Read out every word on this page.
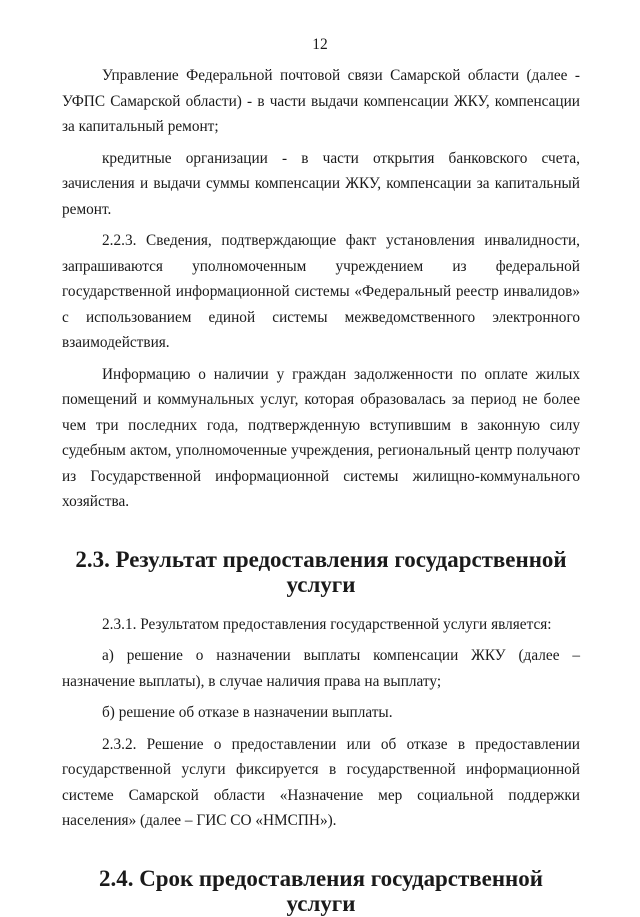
12

Управление Федеральной почтовой связи Самарской области (далее - УФПС Самарской области) - в части выдачи компенсации ЖКУ, компенсации за капитальный ремонт;

кредитные организации - в части открытия банковского счета, зачисления и выдачи суммы компенсации ЖКУ, компенсации за капитальный ремонт.

2.2.3. Сведения, подтверждающие факт установления инвалидности, запрашиваются уполномоченным учреждением из федеральной государственной информационной системы «Федеральный реестр инвалидов» с использованием единой системы межведомственного электронного взаимодействия.

Информацию о наличии у граждан задолженности по оплате жилых помещений и коммунальных услуг, которая образовалась за период не более чем три последних года, подтвержденную вступившим в законную силу судебным актом, уполномоченные учреждения, региональный центр получают из Государственной информационной системы жилищно-коммунального хозяйства.

2.3. Результат предоставления государственной услуги

2.3.1. Результатом предоставления государственной услуги является:

а) решение о назначении выплаты компенсации ЖКУ (далее – назначение выплаты), в случае наличия права на выплату;

б) решение об отказе в назначении выплаты.

2.3.2. Решение о предоставлении или об отказе в предоставлении государственной услуги фиксируется в государственной информационной системе Самарской области «Назначение мер социальной поддержки населения» (далее – ГИС СО «НМСПН»).

2.4. Срок предоставления государственной услуги
